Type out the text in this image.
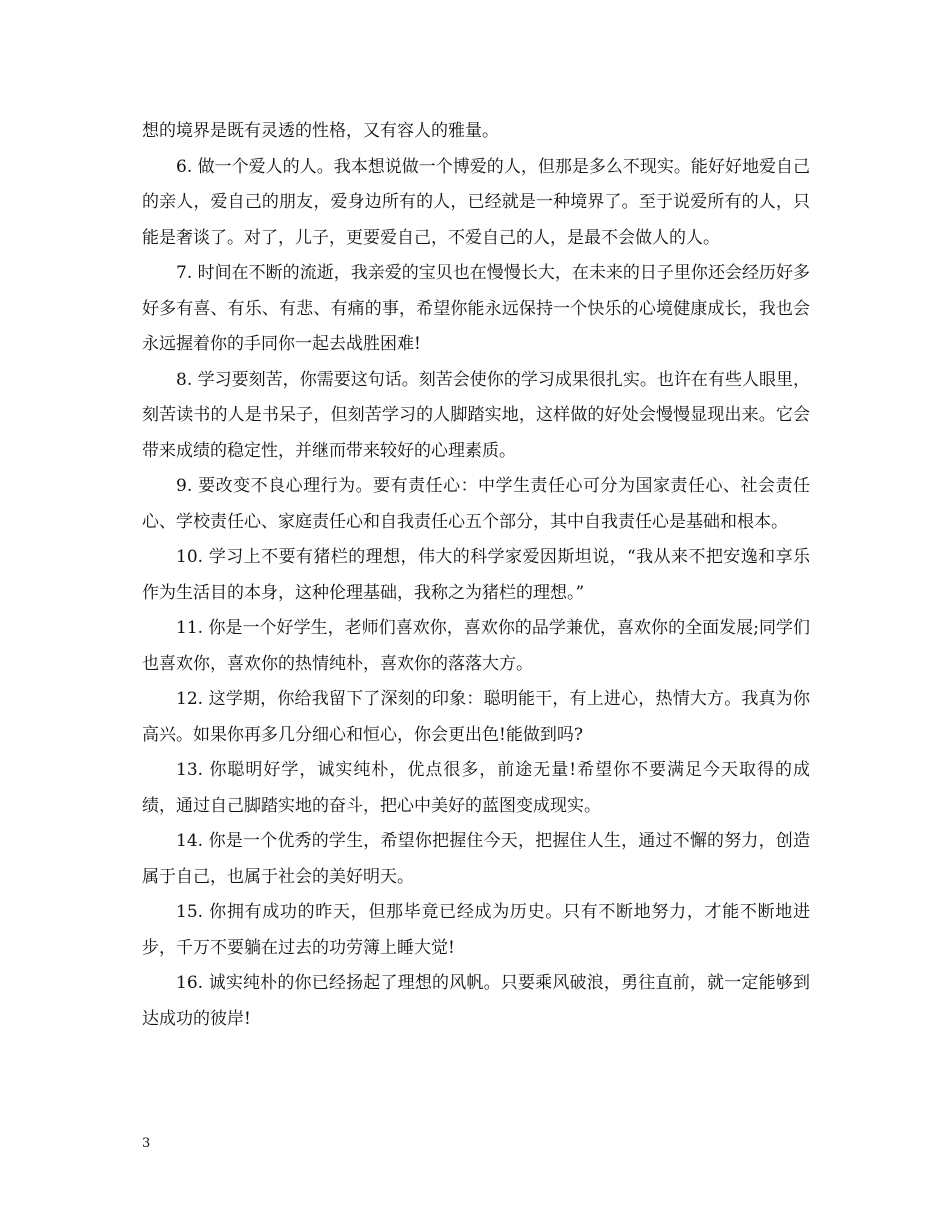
想的境界是既有灵透的性格，又有容人的雅量。

6. 做一个爱人的人。我本想说做一个博爱的人，但那是多么不现实。能好好地爱自己的亲人，爱自己的朋友，爱身边所有的人，已经就是一种境界了。至于说爱所有的人，只能是奢谈了。对了，儿子，更要爱自己，不爱自己的人，是最不会做人的人。

7. 时间在不断的流逝，我亲爱的宝贝也在慢慢长大，在未来的日子里你还会经历好多好多有喜、有乐、有悲、有痛的事，希望你能永远保持一个快乐的心境健康成长，我也会永远握着你的手同你一起去战胜困难!

8. 学习要刻苦，你需要这句话。刻苦会使你的学习成果很扎实。也许在有些人眼里，刻苦读书的人是书呆子，但刻苦学习的人脚踏实地，这样做的好处会慢慢显现出来。它会带来成绩的稳定性，并继而带来较好的心理素质。

9. 要改变不良心理行为。要有责任心：中学生责任心可分为国家责任心、社会责任心、学校责任心、家庭责任心和自我责任心五个部分，其中自我责任心是基础和根本。

10. 学习上不要有猪栏的理想，伟大的科学家爱因斯坦说，“我从来不把安逸和享乐作为生活目的本身，这种伦理基础，我称之为猪栏的理想。”

11. 你是一个好学生，老师们喜欢你，喜欢你的品学兼优，喜欢你的全面发展;同学们也喜欢你，喜欢你的热情纯朴，喜欢你的落落大方。

12. 这学期，你给我留下了深刻的印象：聪明能干，有上进心，热情大方。我真为你高兴。如果你再多几分细心和恒心，你会更出色!能做到吗?

13. 你聪明好学，诚实纯朴，优点很多，前途无量!希望你不要满足今天取得的成绩，通过自己脚踏实地的奋斗，把心中美好的蓝图变成现实。

14. 你是一个优秀的学生，希望你把握住今天，把握住人生，通过不懈的努力，创造属于自己，也属于社会的美好明天。

15. 你拥有成功的昨天，但那毕竟已经成为历史。只有不断地努力，才能不断地进步，千万不要躺在过去的功劳簿上睡大觉!

16. 诚实纯朴的你已经扬起了理想的风帆。只要乘风破浪，勇往直前，就一定能够到达成功的彼岸!

3
